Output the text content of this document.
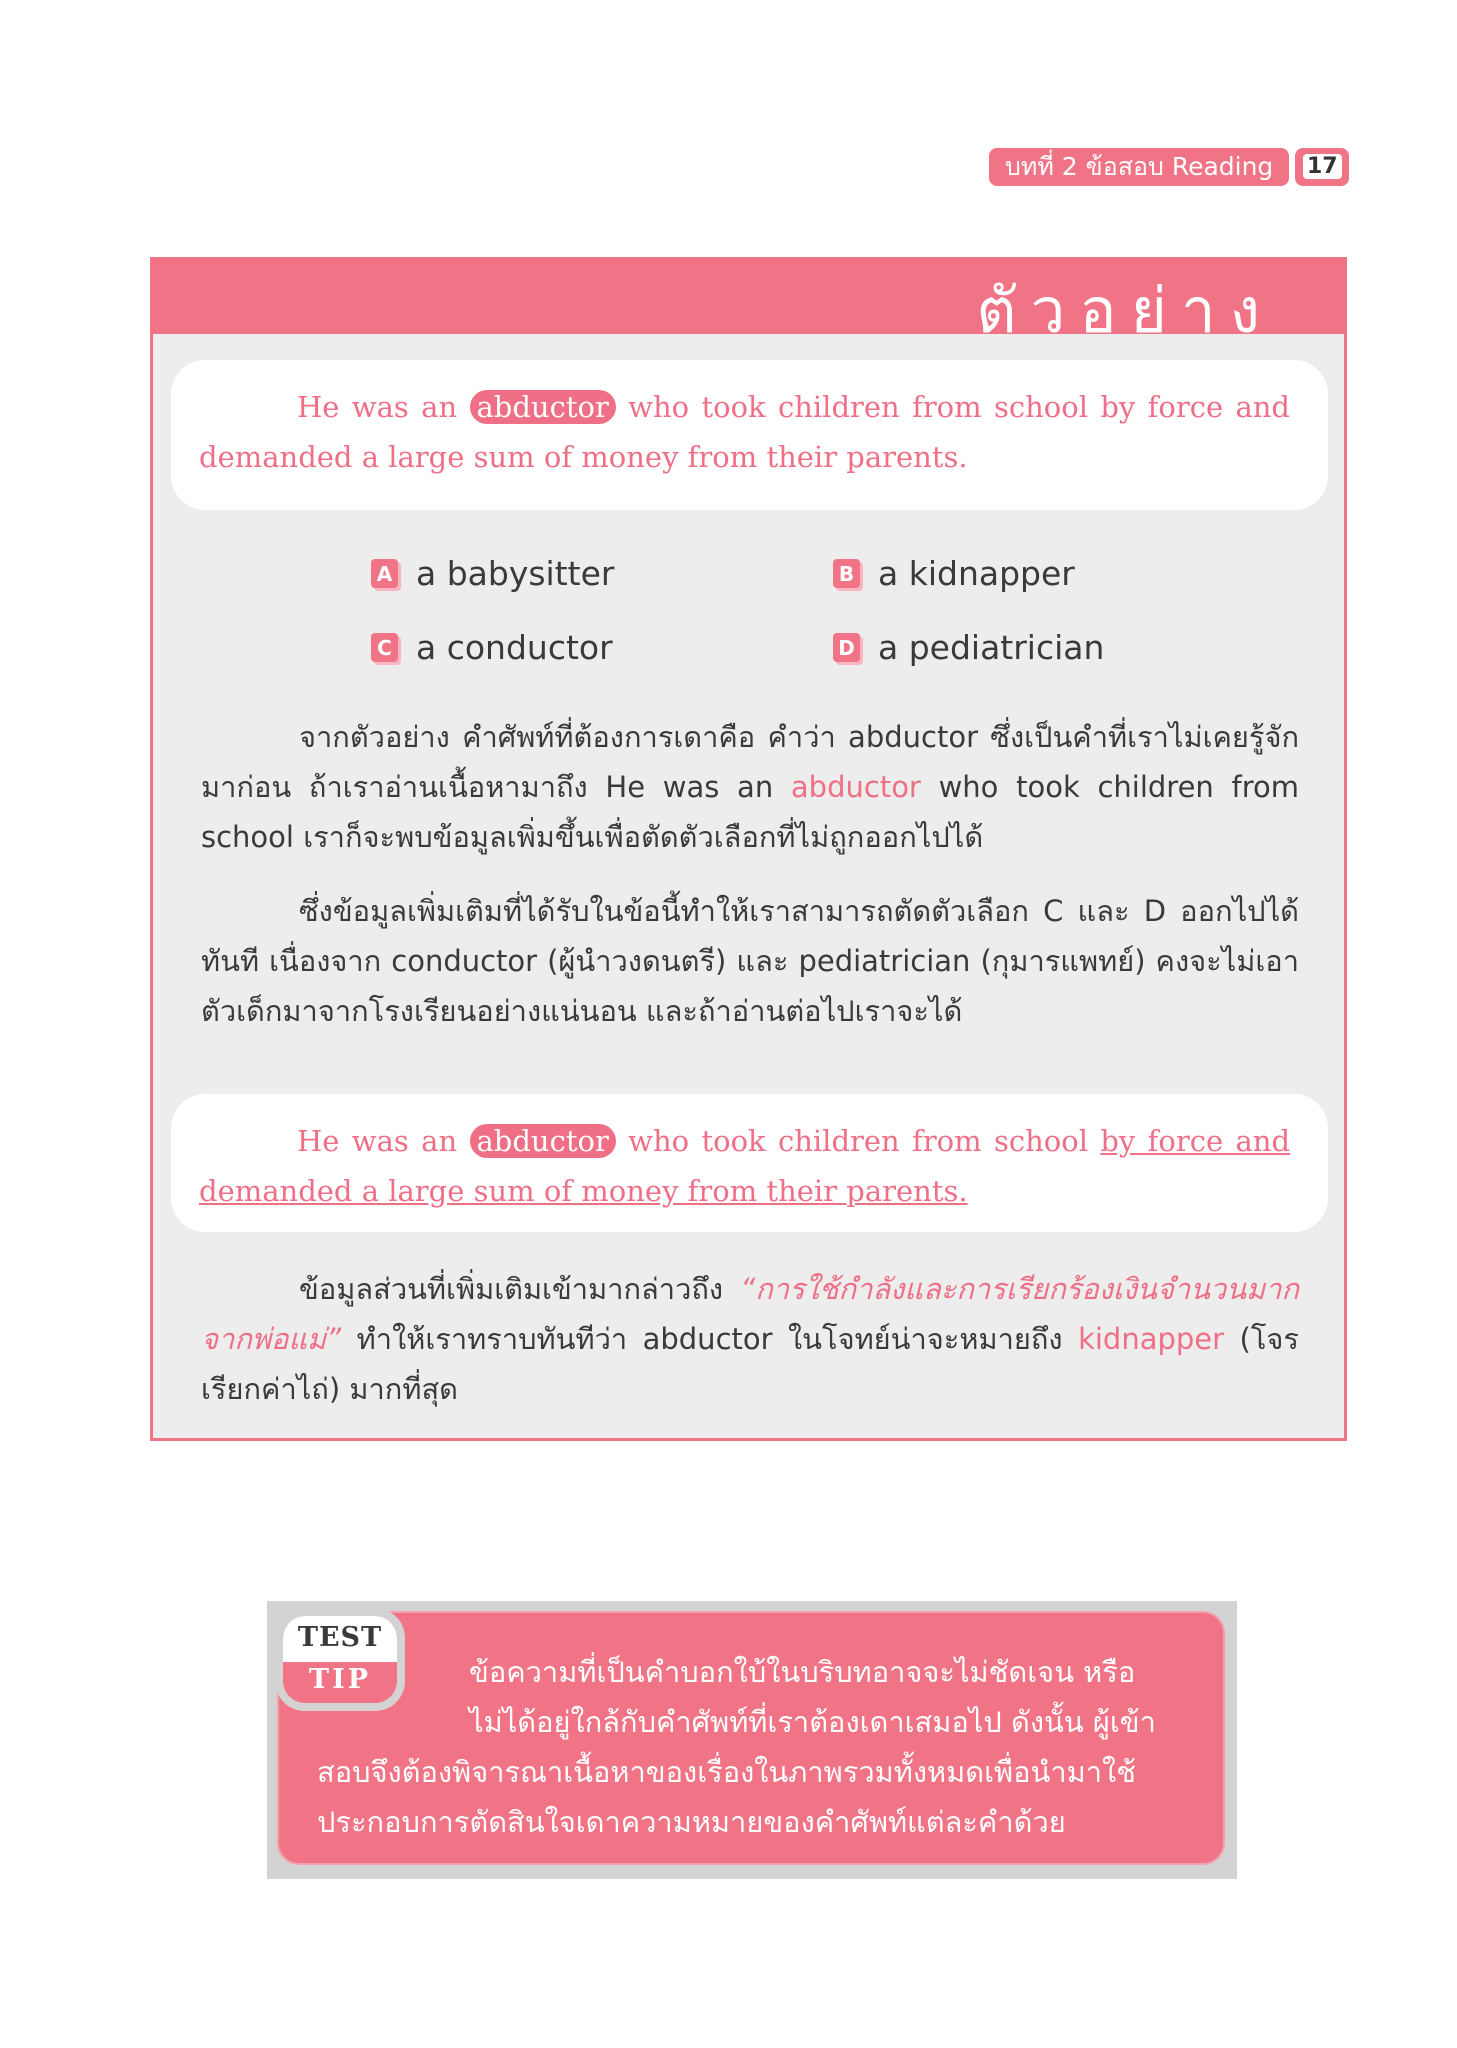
บทที่ 2 ข้อสอบ Reading	17
ตัวอย่าง
He was an abductor who took children from school by force and demanded a large sum of money from their parents.
A a babysitter	B a kidnapper
C a conductor	D a pediatrician

จากตัวอย่าง คำศัพท์ที่ต้องการเดาคือ คำว่า abductor ซึ่งเป็นคำที่เราไม่เคยรู้จักมาก่อน ถ้าเราอ่านเนื้อหามาถึง He was an abductor who took children from school เราก็จะพบข้อมูลเพิ่มขึ้นเพื่อตัดตัวเลือกที่ไม่ถูกออกไปได้

ซึ่งข้อมูลเพิ่มเติมที่ได้รับในข้อนี้ทำให้เราสามารถตัดตัวเลือก C และ D ออกไปได้ทันที เนื่องจาก conductor (ผู้นำวงดนตรี) และ pediatrician (กุมารแพทย์) คงจะไม่เอาตัวเด็กมาจากโรงเรียนอย่างแน่นอน และถ้าอ่านต่อไปเราจะได้

He was an abductor who took children from school by force and demanded a large sum of money from their parents.

ข้อมูลส่วนที่เพิ่มเติมเข้ามากล่าวถึง “การใช้กำลังและการเรียกร้องเงินจำนวนมากจากพ่อแม่” ทำให้เราทราบทันทีว่า abductor ในโจทย์น่าจะหมายถึง kidnapper (โจรเรียกค่าไถ่) มากที่สุด

ข้อความที่เป็นคำบอกใบ้ในบริบทอาจจะไม่ชัดเจน หรือ
ไม่ได้อยู่ใกล้กับคำศัพท์ที่เราต้องเดาเสมอไป ดังนั้น ผู้เข้า
สอบจึงต้องพิจารณาเนื้อหาของเรื่องในภาพรวมทั้งหมดเพื่อนำมาใช้
ประกอบการตัดสินใจเดาความหมายของคำศัพท์แต่ละคำด้วย

TEST
TIP
